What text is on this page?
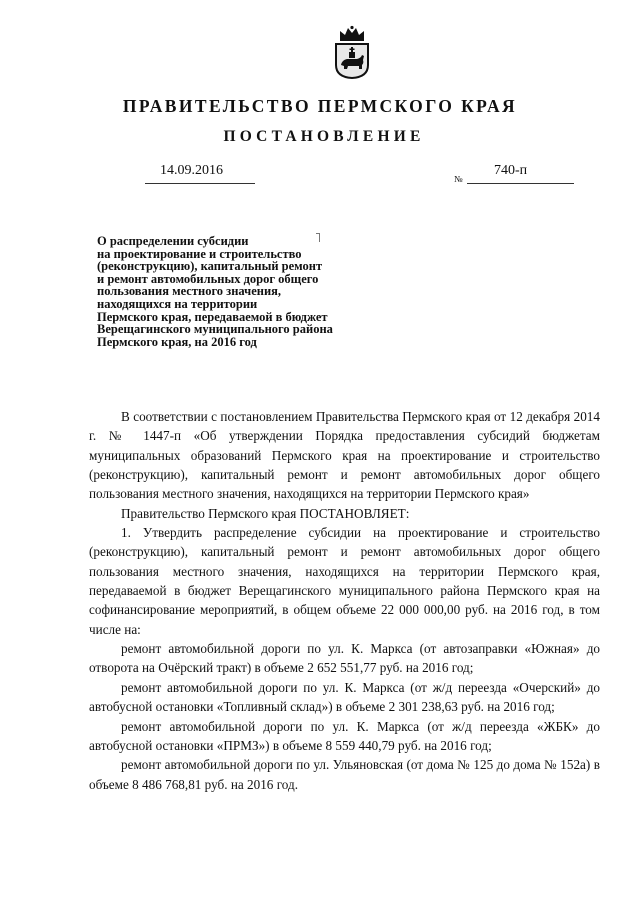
ПРАВИТЕЛЬСТВО ПЕРМСКОГО КРАЯ
ПОСТАНОВЛЕНИЕ
14.09.2016	740-п
№
О распределении субсидии
на проектирование и строительство
(реконструкцию), капитальный ремонт
и ремонт автомобильных дорог общего
пользования местного значения,
находящихся на территории
Пермского края, передаваемой в бюджет
Верещагинского муниципального района
Пермского края, на 2016 год

В соответствии с постановлением Правительства Пермского края от 12 декабря 2014 г. № 1447-п «Об утверждении Порядка предоставления субсидий бюджетам муниципальных образований Пермского края на проектирование и строительство (реконструкцию), капитальный ремонт и ремонт автомобильных дорог общего пользования местного значения, находящихся на территории Пермского края»

Правительство Пермского края ПОСТАНОВЛЯЕТ:

1. Утвердить распределение субсидии на проектирование и строительство (реконструкцию), капитальный ремонт и ремонт автомобильных дорог общего пользования местного значения, находящихся на территории Пермского края, передаваемой в бюджет Верещагинского муниципального района Пермского края на софинансирование мероприятий, в общем объеме 22 000 000,00 руб. на 2016 год, в том числе на:

ремонт автомобильной дороги по ул. К. Маркса (от автозаправки «Южная» до отворота на Очёрский тракт) в объеме 2 652 551,77 руб. на 2016 год;

ремонт автомобильной дороги по ул. К. Маркса (от ж/д переезда «Очерский» до автобусной остановки «Топливный склад») в объеме 2 301 238,63 руб. на 2016 год;

ремонт автомобильной дороги по ул. К. Маркса (от ж/д переезда «ЖБК» до автобусной остановки «ПРМЗ») в объеме 8 559 440,79 руб. на 2016 год;

ремонт автомобильной дороги по ул. Ульяновская (от дома № 125 до дома № 152а) в объеме 8 486 768,81 руб. на 2016 год.
